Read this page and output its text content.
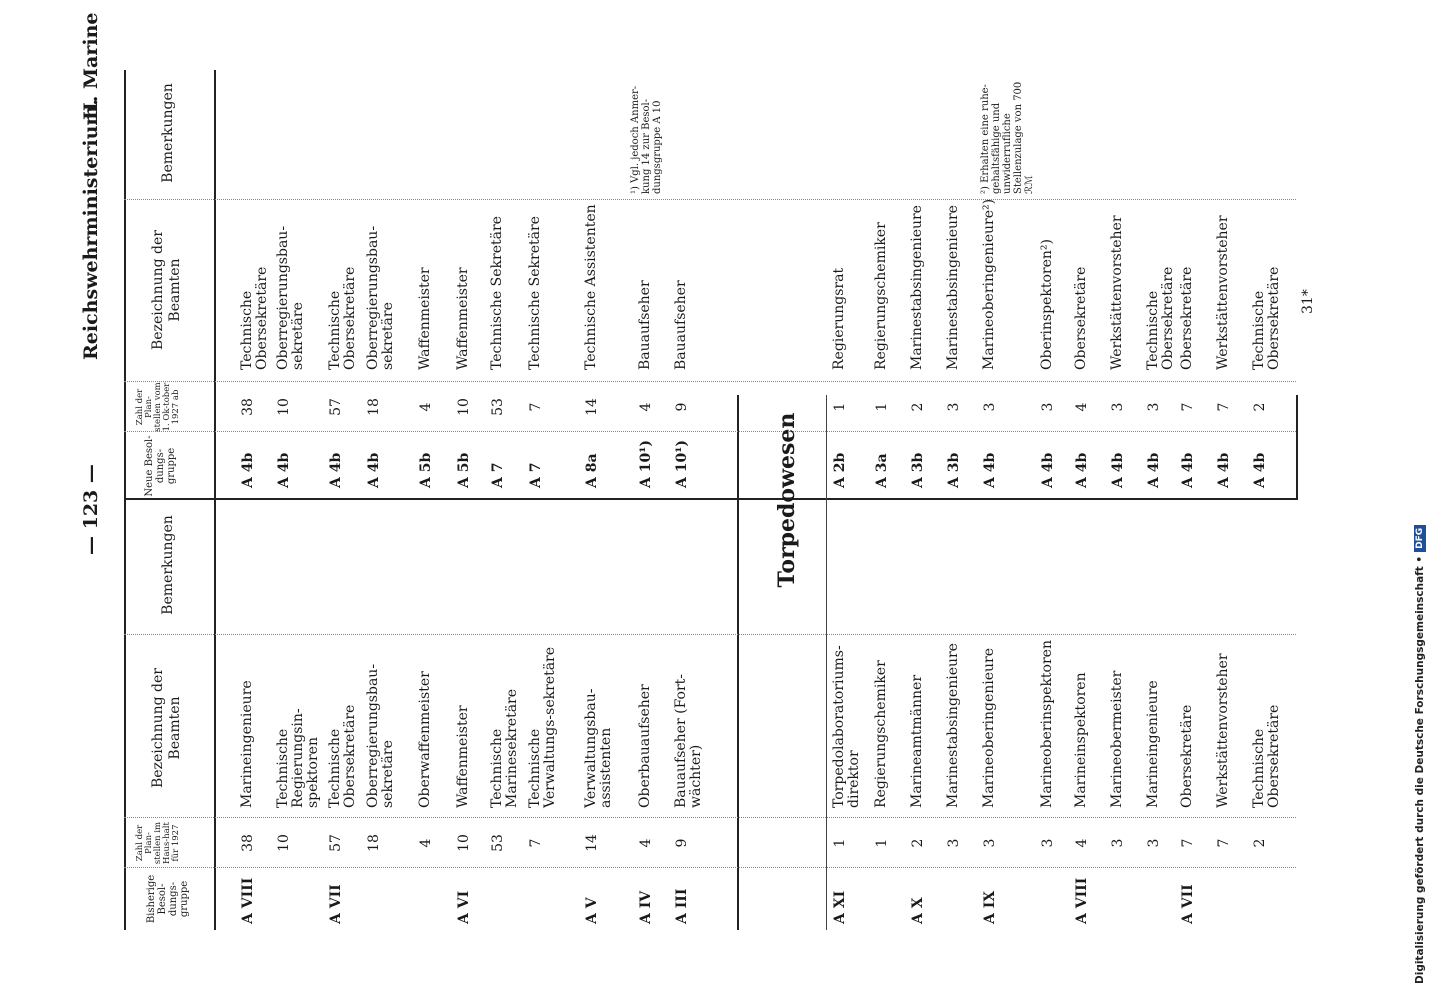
— 123 —
Reichswehrministerium.
II. Marine
Bisherige Besol-dungs-gruppe
Zahl der Plan-stellen im Haus-halt für 1927
Bezeichnung der Beamten
Bemerkungen
Neue Besol-dungs-gruppe
Zahl der Plan-stellen vom 1. Ok-tober 1927 ab
Bezeichnung der Beamten
Bemerkungen
A VIII
38
Marineingenieure
10
Technische Regierungsin-spektoren
A VII
57
Technische Obersekretäre
18
Oberregierungsbau-sekretäre
4
Oberwaffenmeister
A VI
10
Waffenmeister
53
Technische Marinesekretäre
7
Technische Verwaltungs-sekretäre
A V
14
Verwaltungsbau-assistenten
A IV
4
Oberbauaufseher
A III
9
Bauaufseher (Fort-wächter)
A 4b
38
Technische Obersekretäre
A 4b
10
Oberregierungsbau-sekretäre
A 4b
57
Technische Obersekretäre
A 4b
18
Oberregierungsbau-sekretäre
A 5b
4
Waffenmeister
A 5b
10
Waffenmeister
A 7
53
Technische Sekretäre
A 7
7
Technische Sekretäre
A 8a
14
Technische Assistenten
A 10¹)
4
Bauaufseher
A 10¹)
9
Bauaufseher
¹) Vgl. jedoch Anmer-kung 14 zur Besol-dungsgruppe A 10
Torpedowesen
A XI
1
Torpedolaboratoriums-direktor
1
Regierungschemiker
A X
2
Marineamtmänner
3
Marinestabsingenieure
A IX
3
Marineoberingenieure
3
Marineoberinspektoren
A VIII
4
Marineinspektoren
3
Marineobermeister
3
Marineingenieure
A VII
7
Obersekretäre
7
Werkstättenvorsteher
2
Technische Obersekretäre
A 2b
1
Regierungsrat
A 3a
1
Regierungschemiker
A 3b
2
Marinestabsingenieure
A 3b
3
Marinestabsingenieure
A 4b
3
Marineoberingenieure²)
A 4b
3
Oberinspektoren²)
A 4b
4
Obersekretäre
A 4b
3
Werkstättenvorsteher
A 4b
3
Technische Obersekretäre
A 4b
7
Obersekretäre
A 4b
7
Werkstättenvorsteher
A 4b
2
Technische Obersekretäre
²) Erhalten eine ruhe-gehaltsfähige und unwiderrufliche Stellenzulage von 700 ℛℳ
31*
Digitalisierung gefördert durch die Deutsche Forschungsgemeinschaft •
DFG
